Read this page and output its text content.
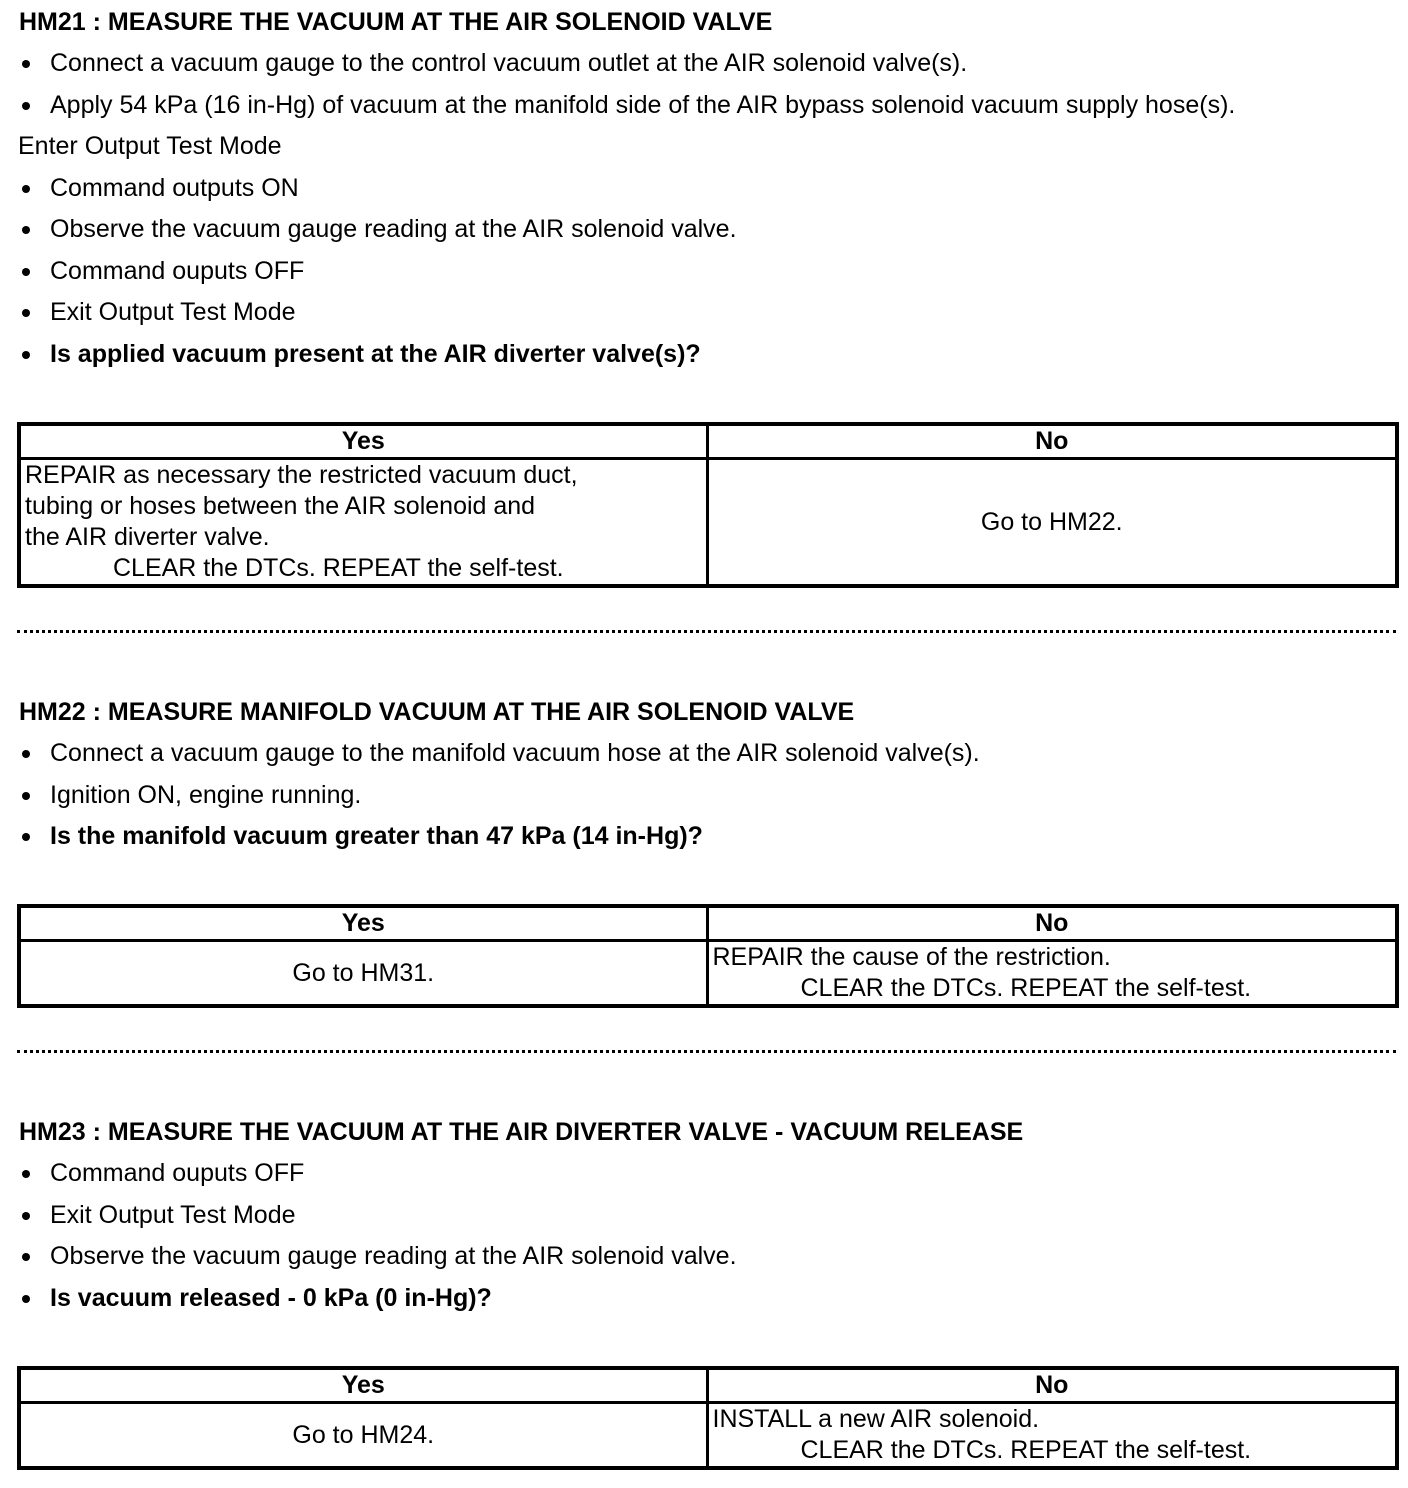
HM21 : MEASURE THE VACUUM AT THE AIR SOLENOID VALVE
Connect a vacuum gauge to the control vacuum outlet at the AIR solenoid valve(s).
Apply 54 kPa (16 in-Hg) of vacuum at the manifold side of the AIR bypass solenoid vacuum supply hose(s).
Enter Output Test Mode
Command outputs ON
Observe the vacuum gauge reading at the AIR solenoid valve.
Command ouputs OFF
Exit Output Test Mode
Is applied vacuum present at the AIR diverter valve(s)?
Yes	No

REPAIR as necessary the restricted vacuum duct,
tubing or hoses between the AIR solenoid and
the AIR diverter valve.
CLEAR the DTCs. REPEAT the self-test.	Go to HM22.
HM22 : MEASURE MANIFOLD VACUUM AT THE AIR SOLENOID VALVE
Connect a vacuum gauge to the manifold vacuum hose at the AIR solenoid valve(s).
Ignition ON, engine running.
Is the manifold vacuum greater than 47 kPa (14 in-Hg)?
Yes	No
Go to HM31.	REPAIR the cause of the restriction.
CLEAR the DTCs. REPEAT the self-test.
HM23 : MEASURE THE VACUUM AT THE AIR DIVERTER VALVE - VACUUM RELEASE
Command ouputs OFF
Exit Output Test Mode
Observe the vacuum gauge reading at the AIR solenoid valve.
Is vacuum released - 0 kPa (0 in-Hg)?
Yes	No
Go to HM24.	INSTALL a new AIR solenoid.
CLEAR the DTCs. REPEAT the self-test.
